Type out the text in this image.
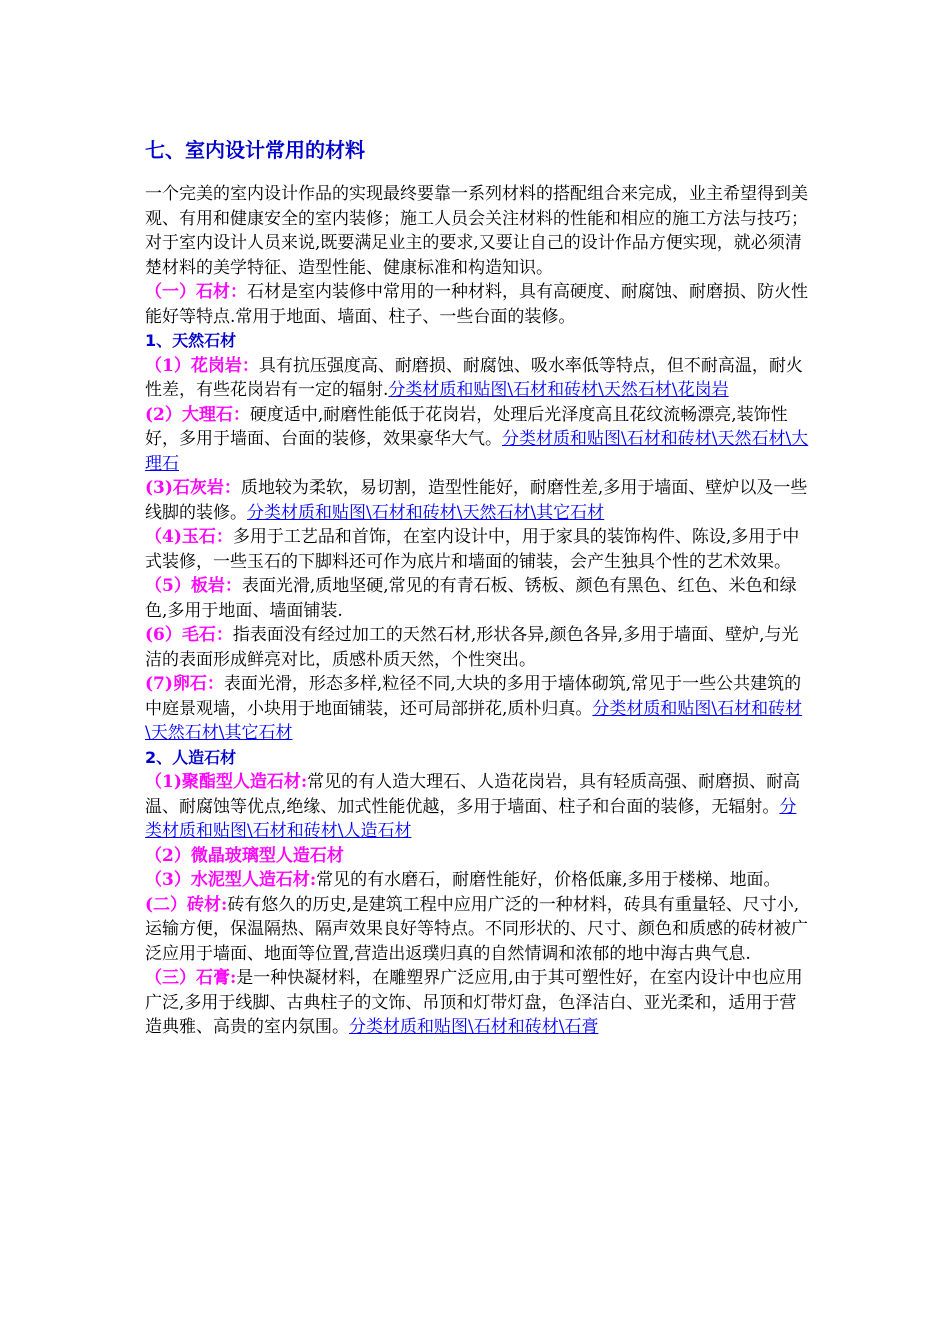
七、室内设计常用的材料

一个完美的室内设计作品的实现最终要靠一系列材料的搭配组合来完成，业主希望得到美观、有用和健康安全的室内装修；施工人员会关注材料的性能和相应的施工方法与技巧；对于室内设计人员来说,既要满足业主的要求,又要让自己的设计作品方便实现，就必须清楚材料的美学特征、造型性能、健康标准和构造知识。

（一）石材：石材是室内装修中常用的一种材料，具有高硬度、耐腐蚀、耐磨损、防火性能好等特点.常用于地面、墙面、柱子、一些台面的装修。

1、天然石材

（1）花岗岩：具有抗压强度高、耐磨损、耐腐蚀、吸水率低等特点，但不耐高温，耐火性差，有些花岗岩有一定的辐射.分类材质和贴图\石材和砖材\天然石材\花岗岩

(2）大理石：硬度适中,耐磨性能低于花岗岩，处理后光泽度高且花纹流畅漂亮,装饰性好，多用于墙面、台面的装修，效果豪华大气。分类材质和贴图\石材和砖材\天然石材\大理石

(3)石灰岩：质地较为柔软，易切割，造型性能好，耐磨性差,多用于墙面、壁炉以及一些线脚的装修。分类材质和贴图\石材和砖材\天然石材\其它石材

（4)玉石：多用于工艺品和首饰，在室内设计中，用于家具的装饰构件、陈设,多用于中式装修，一些玉石的下脚料还可作为底片和墙面的铺装，会产生独具个性的艺术效果。

（5）板岩：表面光滑,质地坚硬,常见的有青石板、锈板、颜色有黑色、红色、米色和绿色,多用于地面、墙面铺装.

(6）毛石：指表面没有经过加工的天然石材,形状各异,颜色各异,多用于墙面、壁炉,与光洁的表面形成鲜亮对比，质感朴质天然，个性突出。

(7)卵石：表面光滑，形态多样,粒径不同,大块的多用于墙体砌筑,常见于一些公共建筑的中庭景观墙，小块用于地面铺装，还可局部拼花,质朴归真。分类材质和贴图\石材和砖材\天然石材\其它石材

2、人造石材

（1)聚酯型人造石材:常见的有人造大理石、人造花岗岩，具有轻质高强、耐磨损、耐高温、耐腐蚀等优点,绝缘、加式性能优越，多用于墙面、柱子和台面的装修，无辐射。分类材质和贴图\石材和砖材\人造石材

（2）微晶玻璃型人造石材

（3）水泥型人造石材:常见的有水磨石，耐磨性能好，价格低廉,多用于楼梯、地面。

(二）砖材:砖有悠久的历史,是建筑工程中应用广泛的一种材料，砖具有重量轻、尺寸小,运输方便，保温隔热、隔声效果良好等特点。不同形状的、尺寸、颜色和质感的砖材被广泛应用于墙面、地面等位置,营造出返璞归真的自然情调和浓郁的地中海古典气息.

（三）石膏:是一种快凝材料，在雕塑界广泛应用,由于其可塑性好，在室内设计中也应用广泛,多用于线脚、古典柱子的文饰、吊顶和灯带灯盘，色泽洁白、亚光柔和，适用于营造典雅、高贵的室内氛围。分类材质和贴图\石材和砖材\石膏
